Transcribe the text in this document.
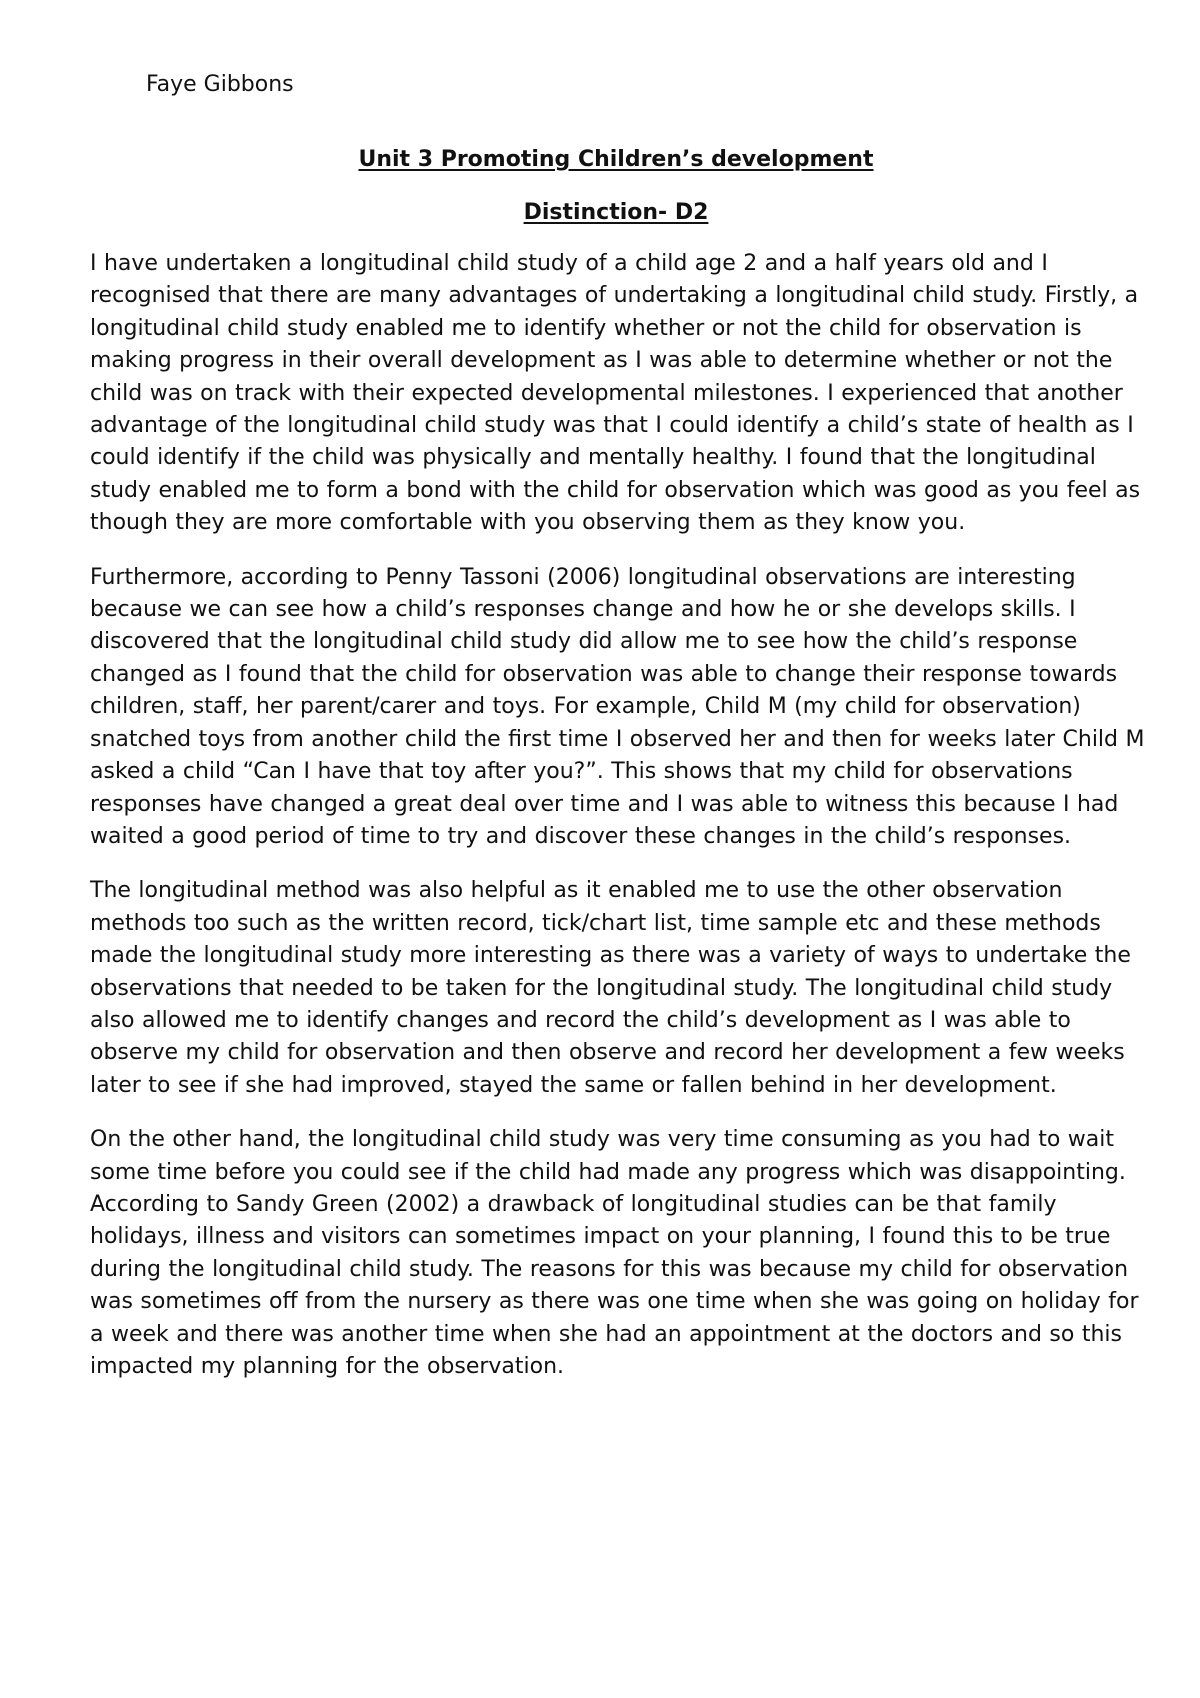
Faye Gibbons

Unit 3 Promoting Children’s development

Distinction- D2

I have undertaken a longitudinal child study of a child age 2 and a half years old and I recognised that there are many advantages of undertaking a longitudinal child study. Firstly, a longitudinal child study enabled me to identify whether or not the child for observation is making progress in their overall development as I was able to determine whether or not the child was on track with their expected developmental milestones. I experienced that another advantage of the longitudinal child study was that I could identify a child’s state of health as I could identify if the child was physically and mentally healthy. I found that the longitudinal study enabled me to form a bond with the child for observation which was good as you feel as though they are more comfortable with you observing them as they know you.

Furthermore, according to Penny Tassoni (2006) longitudinal observations are interesting because we can see how a child’s responses change and how he or she develops skills. I discovered that the longitudinal child study did allow me to see how the child’s response changed as I found that the child for observation was able to change their response towards children, staff, her parent/carer and toys. For example, Child M (my child for observation) snatched toys from another child the first time I observed her and then for weeks later Child M asked a child “Can I have that toy after you?”. This shows that my child for observations responses have changed a great deal over time and I was able to witness this because I had waited a good period of time to try and discover these changes in the child’s responses.

The longitudinal method was also helpful as it enabled me to use the other observation methods too such as the written record, tick/chart list, time sample etc and these methods made the longitudinal study more interesting as there was a variety of ways to undertake the observations that needed to be taken for the longitudinal study. The longitudinal child study also allowed me to identify changes and record the child’s development as I was able to observe my child for observation and then observe and record her development a few weeks later to see if she had improved, stayed the same or fallen behind in her development.

On the other hand, the longitudinal child study was very time consuming as you had to wait some time before you could see if the child had made any progress which was disappointing. According to Sandy Green (2002) a drawback of longitudinal studies can be that family holidays, illness and visitors can sometimes impact on your planning, I found this to be true during the longitudinal child study. The reasons for this was because my child for observation was sometimes off from the nursery as there was one time when she was going on holiday for a week and there was another time when she had an appointment at the doctors and so this impacted my planning for the observation.
